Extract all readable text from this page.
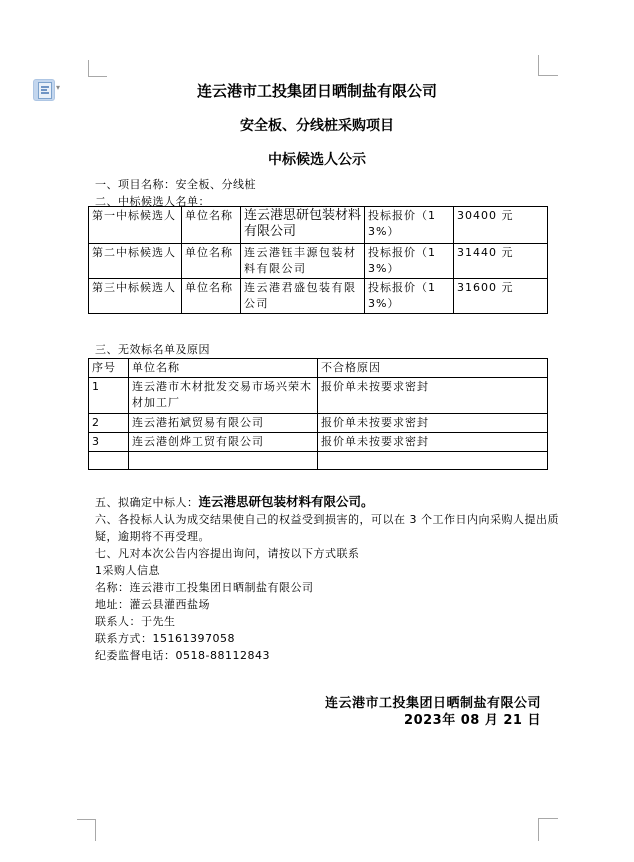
▾	连云港市工投集团日晒制盐有限公司
安全板、分线桩采购项目
中标候选人公示
一、项目名称：安全板、分线桩
二、中标候选人名单：
第一中标候选人	单位名称	连云港思研包装材料有限公司	投标报价（13%）	30400 元
第二中标候选人	单位名称	连云港钰丰源包装材料有限公司	投标报价（13%）	31440 元
第三中标候选人	单位名称	连云港君盛包装有限公司	投标报价（13%）	31600 元
三、无效标名单及原因
序号	单位名称	不合格原因
1	连云港市木材批发交易市场兴荣木材加工厂	报价单未按要求密封
2	连云港拓斌贸易有限公司	报价单未按要求密封
3	连云港创烨工贸有限公司	报价单未按要求密封

五、拟确定中标人：连云港思研包装材料有限公司。
六、各投标人认为成交结果使自己的权益受到损害的，可以在 3 个工作日内向采购人提出质
疑，逾期将不再受理。
七、凡对本次公告内容提出询问，请按以下方式联系
1采购人信息
名称：连云港市工投集团日晒制盐有限公司
地址：灌云县灌西盐场
联系人：于先生
联系方式：15161397058
纪委监督电话：0518-88112843
连云港市工投集团日晒制盐有限公司
2023年 08 月 21 日
